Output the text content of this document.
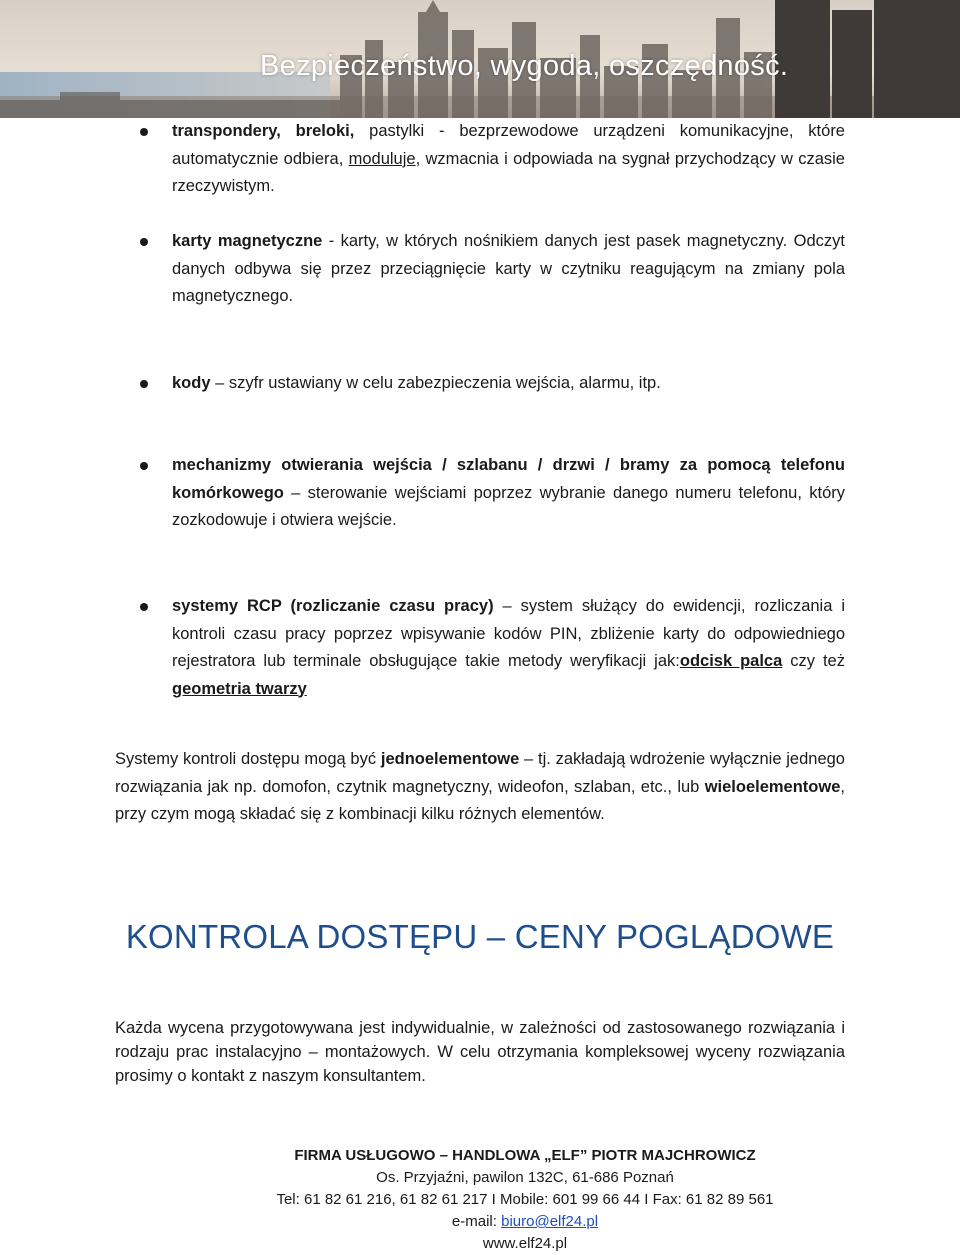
Bezpieczeństwo, wygoda, oszczędność.
transpondery, breloki, pastylki - bezprzewodowe urządzeni komunikacyjne, które automatycznie odbiera, moduluje, wzmacnia i odpowiada na sygnał przychodzący w czasie rzeczywistym.
karty magnetyczne - karty, w których nośnikiem danych jest pasek magnetyczny. Odczyt danych odbywa się przez przeciągnięcie karty w czytniku reagującym na zmiany pola magnetycznego.
kody – szyfr ustawiany w celu zabezpieczenia wejścia, alarmu, itp.
mechanizmy otwierania wejścia / szlabanu / drzwi / bramy za pomocą telefonu komórkowego – sterowanie wejściami poprzez wybranie danego numeru telefonu, który zozkodowuje i otwiera wejście.
systemy RCP (rozliczanie czasu pracy) – system służący do ewidencji, rozliczania i kontroli czasu pracy poprzez wpisywanie kodów PIN, zbliżenie karty do odpowiedniego rejestratora lub terminale obsługujące takie metody weryfikacji jak:odcisk palca czy też geometria twarzy
Systemy kontroli dostępu mogą być jednoelementowe – tj. zakładają wdrożenie wyłącznie jednego rozwiązania jak np. domofon, czytnik magnetyczny, wideofon, szlaban, etc., lub wieloelementowe, przy czym mogą składać się z kombinacji kilku różnych elementów.
KONTROLA DOSTĘPU – CENY POGLĄDOWE
Każda wycena przygotowywana jest indywidualnie, w zależności od zastosowanego rozwiązania i rodzaju prac instalacyjno – montażowych. W celu otrzymania kompleksowej wyceny rozwiązania prosimy o kontakt z naszym konsultantem.
FIRMA USŁUGOWO – HANDLOWA „ELF” PIOTR MAJCHROWICZ
Os. Przyjaźni, pawilon 132C, 61-686 Poznań
Tel: 61 82 61 216, 61 82 61 217 I Mobile: 601 99 66 44 I Fax: 61 82 89 561
e-mail: biuro@elf24.pl
www.elf24.pl
